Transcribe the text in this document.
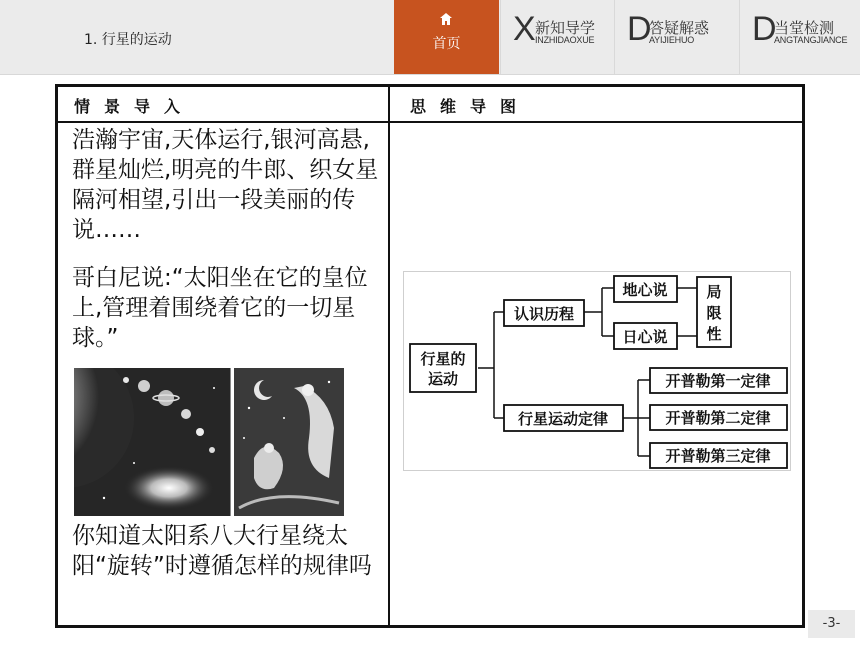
1. 行星的运动	首页	X 新知导学
INZHIDAOXUE D
答疑解惑
AYIJIEHUO D
当堂检测
ANGTANGJIANCE
情景导入	思维导图
浩瀚宇宙,天体运行,银河高悬,群星灿烂,明亮的牛郎、织女星隔河相望,引出一段美丽的传说……
哥白尼说:“太阳坐在它的皇位上,管理着围绕着它的一切星球。”
你知道太阳系八大行星绕太阳“旋转”时遵循怎样的规律吗
行星的
运动
认识历程
地心说
日心说
局
限
性
行星运动定律
开普勒第一定律
开普勒第二定律
开普勒第三定律
-3-
